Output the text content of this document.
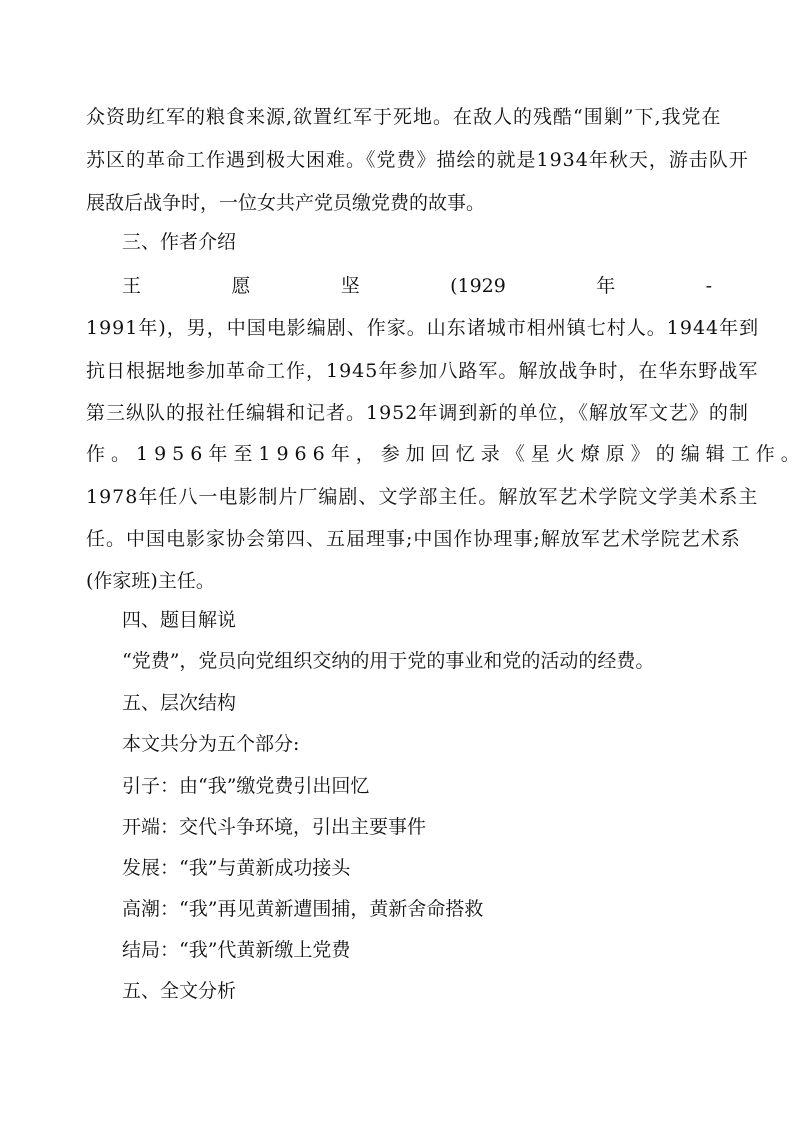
众资助红军的粮食来源,欲置红军于死地。在敌人的残酷“围剿”下,我党在
苏区的革命工作遇到极大困难。《党费》描绘的就是1934年秋天，游击队开
展敌后战争时，一位女共产党员缴党费的故事。
三、作者介绍
王	愿	坚	(1929	年	-
1991年)，男，中国电影编剧、作家。山东诸城市相州镇七村人。1944年到
抗日根据地参加革命工作，1945年参加八路军。解放战争时，在华东野战军
第三纵队的报社任编辑和记者。1952年调到新的单位，《解放军文艺》的制
作。1956年至1966年，参加回忆录《星火燎原》的编辑工作。
1978年任八一电影制片厂编剧、文学部主任。解放军艺术学院文学美术系主
任。中国电影家协会第四、五届理事;中国作协理事;解放军艺术学院艺术系
(作家班)主任。
四、题目解说
“党费”，党员向党组织交纳的用于党的事业和党的活动的经费。
五、层次结构
本文共分为五个部分:
引子：由“我”缴党费引出回忆
开端：交代斗争环境，引出主要事件
发展：“我”与黄新成功接头
高潮：“我”再见黄新遭围捕，黄新舍命搭救
结局：“我”代黄新缴上党费
五、全文分析
